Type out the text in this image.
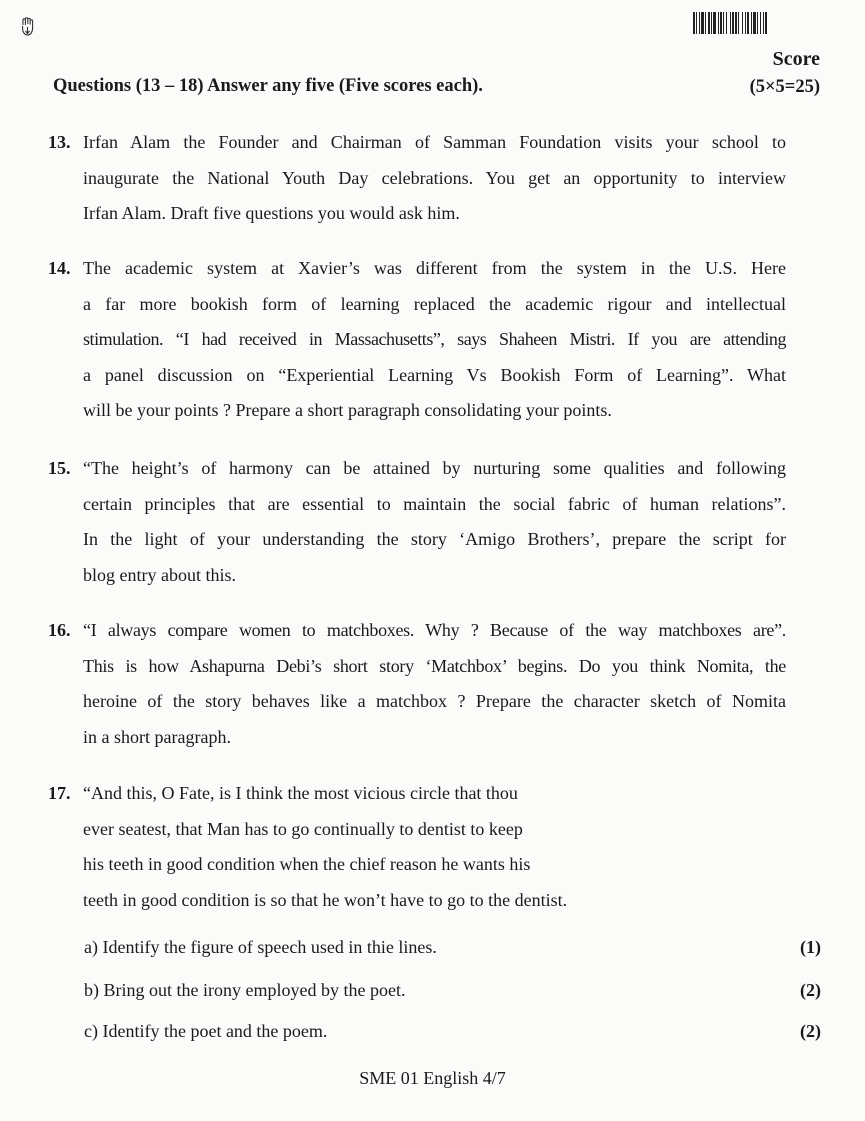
Score
Questions (13 – 18) Answer any five (Five scores each).	(5×5=25)
13. Irfan Alam the Founder and Chairman of Samman Foundation visits your school to
inaugurate the National Youth Day celebrations. You get an opportunity to interview
Irfan Alam. Draft five questions you would ask him.
14. The academic system at Xavier’s was different from the system in the U.S. Here
a far more bookish form of learning replaced the academic rigour and intellectual
stimulation. “I had received in Massachusetts”, says Shaheen Mistri. If you are attending
a panel discussion on “Experiential Learning Vs Bookish Form of Learning”. What
will be your points ? Prepare a short paragraph consolidating your points.
15. “The height’s of harmony can be attained by nurturing some qualities and following
certain principles that are essential to maintain the social fabric of human relations”.
In the light of your understanding the story ‘Amigo Brothers’, prepare the script for
blog entry about this.
16. “I always compare women to matchboxes. Why ? Because of the way matchboxes are”.
This is how Ashapurna Debi’s short story ‘Matchbox’ begins. Do you think Nomita, the
heroine of the story behaves like a matchbox ? Prepare the character sketch of Nomita
in a short paragraph.
17. “And this, O Fate, is I think the most vicious circle that thou
ever seatest, that Man has to go continually to dentist to keep
his teeth in good condition when the chief reason he wants his
teeth in good condition is so that he won’t have to go to the dentist.
a) Identify the figure of speech used in thie lines.	(1)
b) Bring out the irony employed by the poet.	(2)
c) Identify the poet and the poem.	(2)
SME 01 English 4/7
